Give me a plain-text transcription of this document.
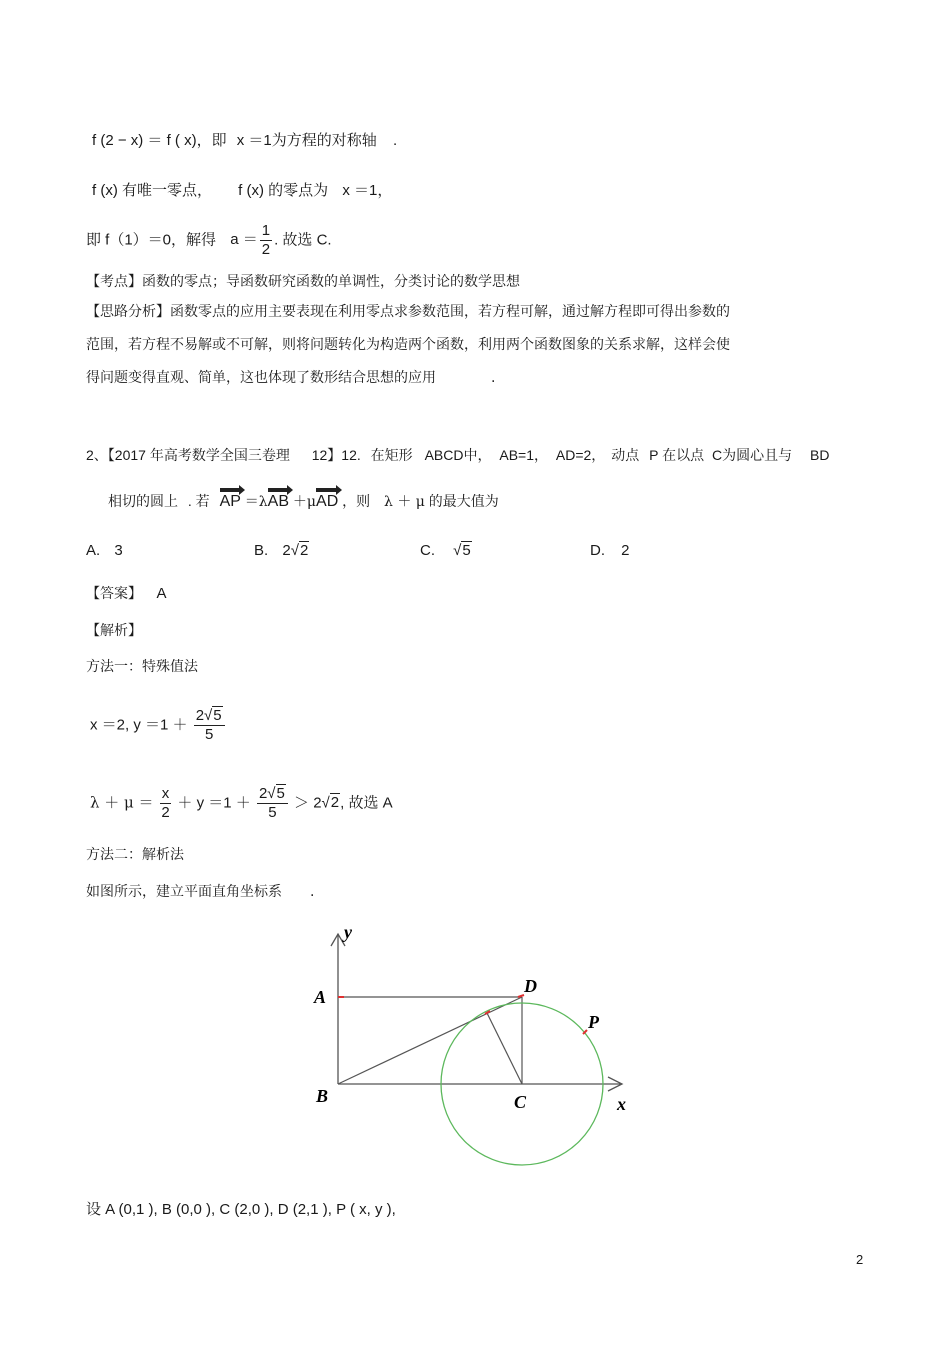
f (2 − x) ＝ f ( x)，即 x ＝1为方程的对称轴 .
f (x) 有唯一零点， f (x) 的零点为 x ＝1，
即 f（1）＝0，解得 $a = \frac{1}{2}$ . 故选 C.
【考点】函数的零点；导函数研究函数的单调性，分类讨论的数学思想
【思路分析】函数零点的应用主要表现在利用零点求参数范围，若方程可解，通过解方程即可得出参数的
范围，若方程不易解或不可解，则将问题转化为构造两个函数，利用两个函数图象的关系求解，这样会使
得问题变得直观、简单，这也体现了数形结合思想的应用	.
2、【2017 年高考数学全国三卷理 12】12. 在矩形 ABCD中， AB=1， AD=2， 动点 P 在以点 C为圆心且与 BD
相切的圆上 . 若 AP ＝λAB ＋μAD ，则 λ ＋ μ 的最大值为
A. 3	B. 2√2	C. √5	D. 2
【答案】 A
【解析】
方法一：特殊值法
x ＝2, $y =1 + \frac{2√5}{5}$
$\lambda + \mu = \frac{x}{2} + y =1 + \frac{2√5}{5} > 2√2$, 故选 A
方法二：解析法
如图所示，建立平面直角坐标系 .
y
x
A
B	C
D
P
设 A (0,1 ), B (0,0 ), C (2,0 ), D (2,1 ), P ( x, y ),
2
